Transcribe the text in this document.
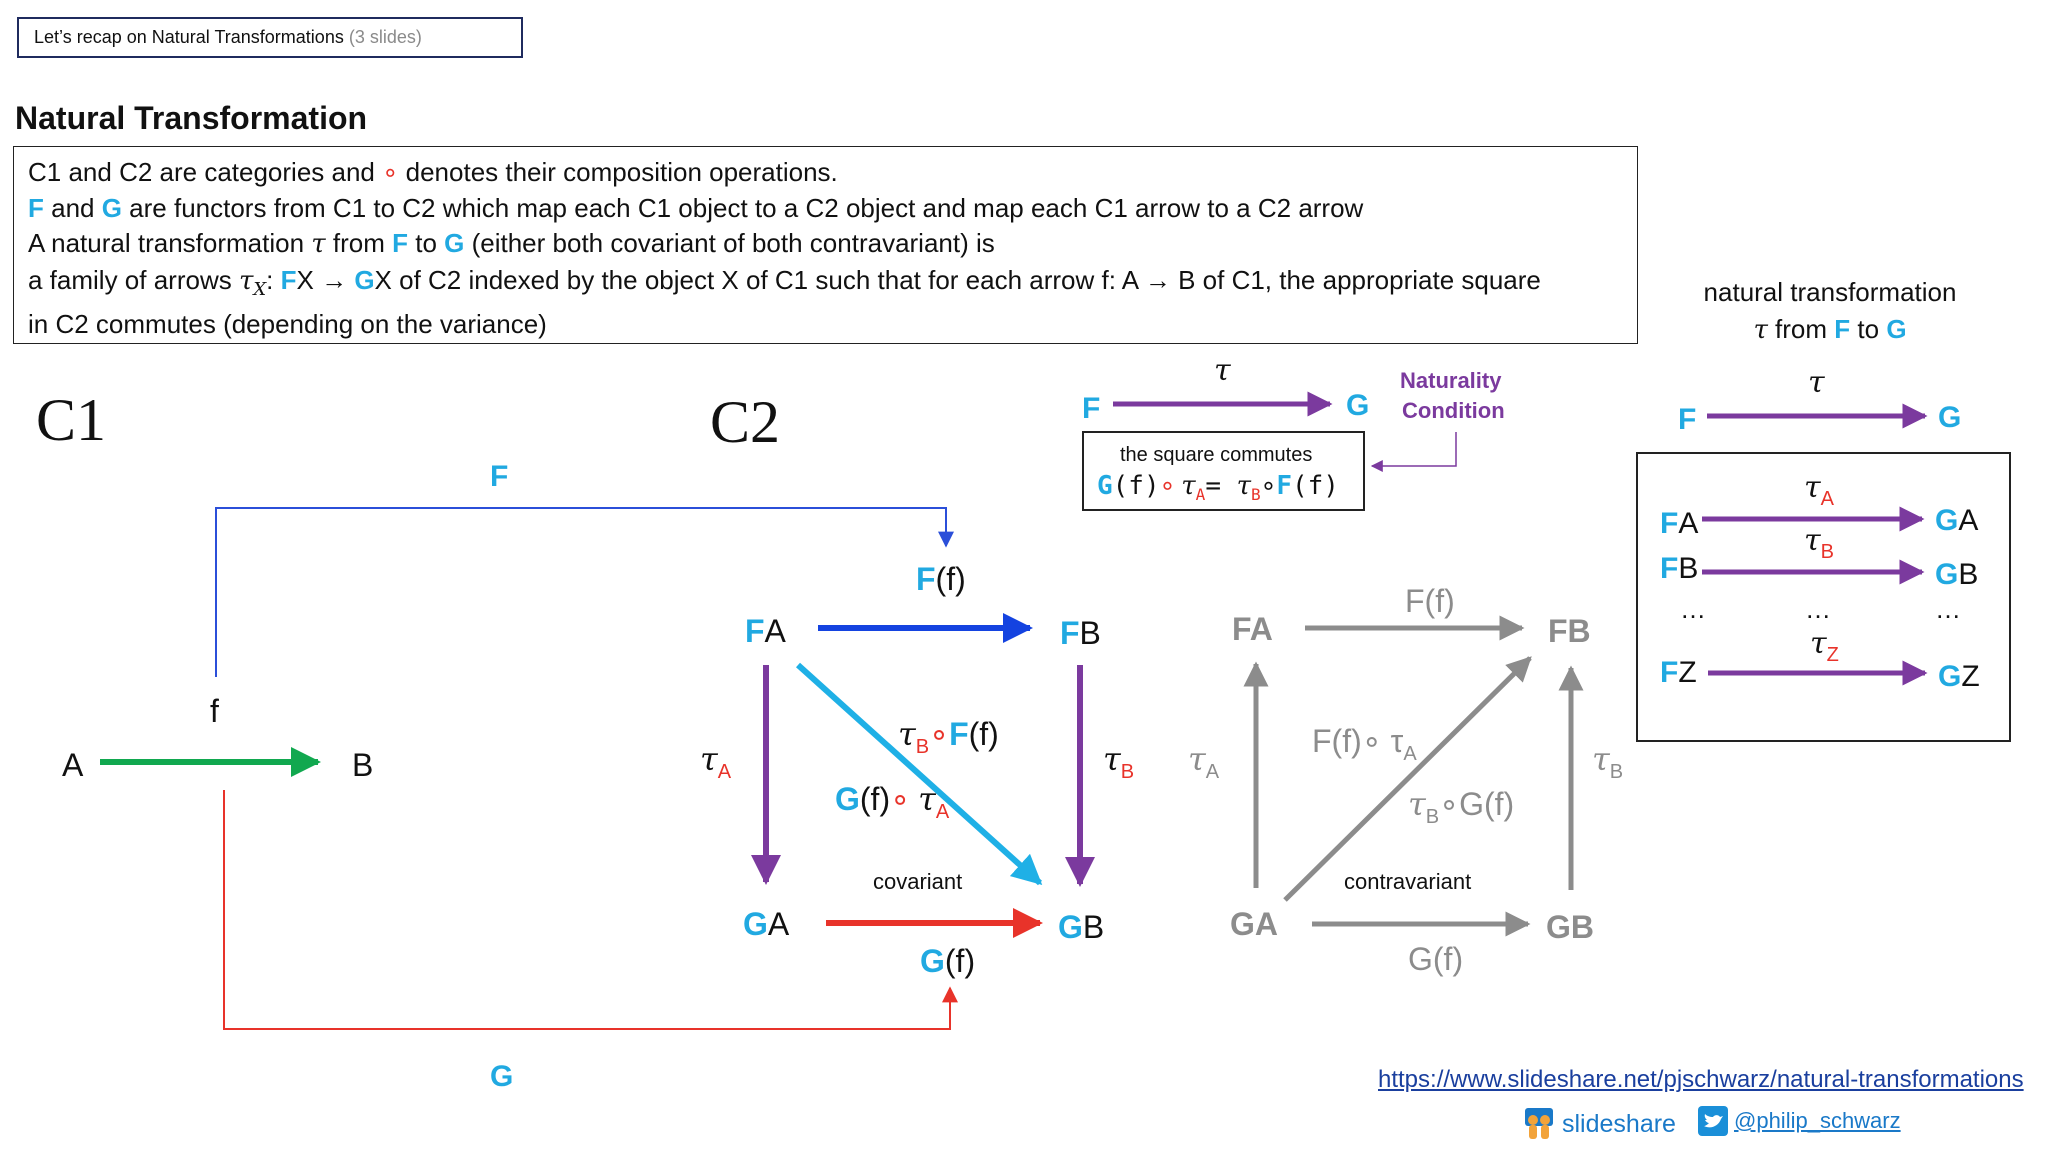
Let’s recap on Natural Transformations (3 slides)
Natural Transformation

C1 and C2 are categories and ∘ denotes their composition operations.

F and G are functors from C1 to C2 which map each C1 object to a C2 object and map each C1 arrow to a C2 arrow

A natural transformation τ from F to G (either both covariant of both contravariant) is

a family of arrows $\tau_X$: FX → GX of C2 indexed by the object X of C1 such that for each arrow f: A → B of C1, the appropriate square

in C2 commutes (depending on the variance)

C1
A	B
f
F
G
C2
FA	FB
GA	GB
F(f)
G(f)
$\tau_A$	$\tau_B$
$\tau_B\circ F(f)$
G(f)∘ $\tau_A$
covariant
FA	FB
GA	GB
F(f)
G(f)
$\tau_A$	$\tau_B$
F(f)∘ $\tau_A$
$\tau_B\circ G(f)$
contravariant
F
τ
G
Naturality
Condition
the square commutes
G(f)∘ $\tau_A=$ $\tau_B\circ F(f)$
natural transformation
τ from F to G
F
τ
G
FA
$\tau_A$
GA
FB
$\tau_B$
GB
…	…	…
FZ
$\tau_Z$
GZ
https://www.slideshare.net/pjschwarz/natural-transformations
slideshare	@philip_schwarz
